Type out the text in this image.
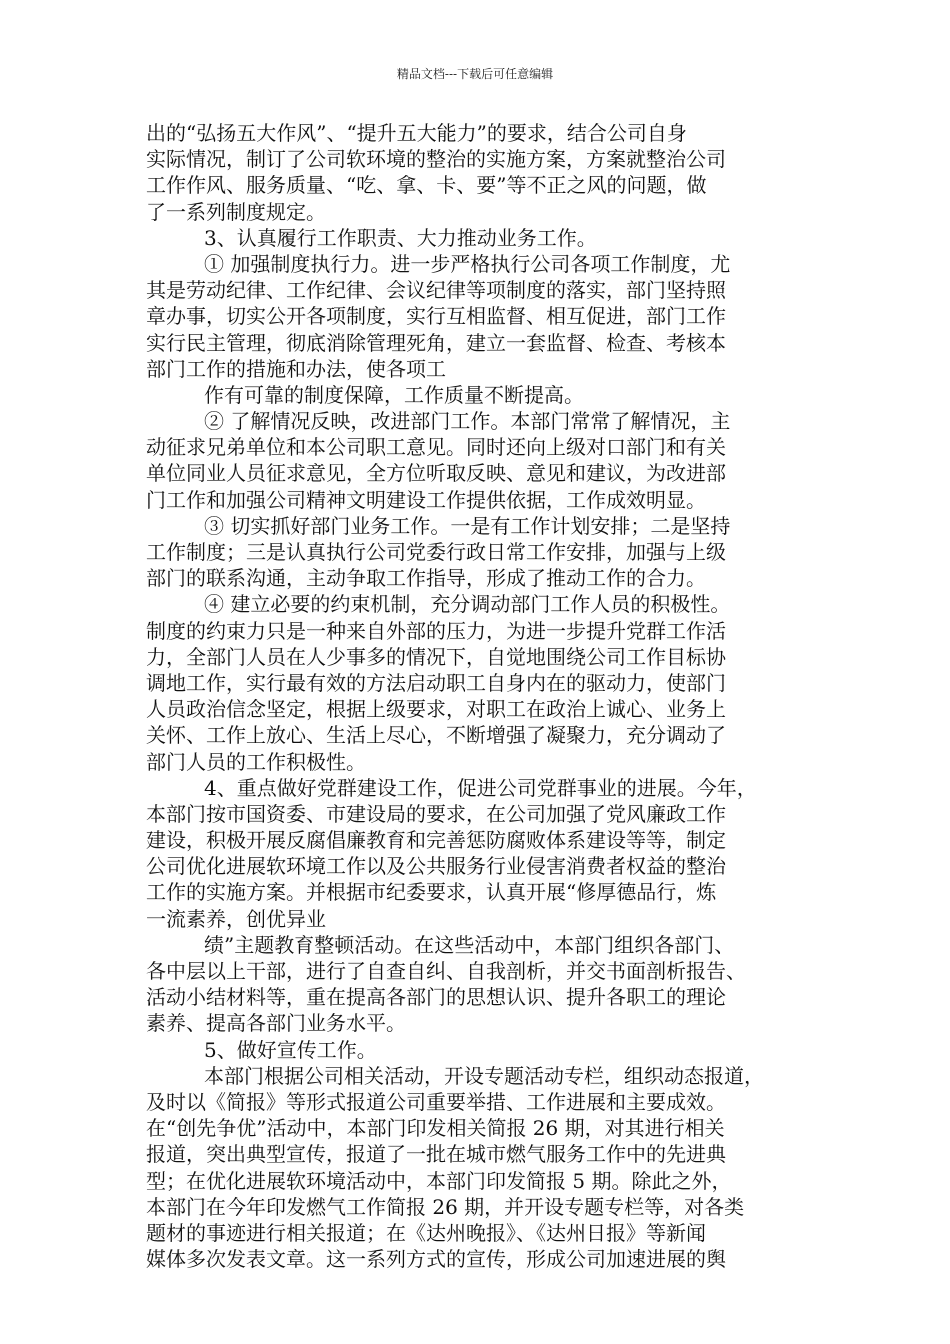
精品文档---下载后可任意编辑
出的“弘扬五大作风”、“提升五大能力”的要求，结合公司自身
实际情况，制订了公司软环境的整治的实施方案，方案就整治公司
工作作风、服务质量、“吃、拿、卡、要”等不正之风的问题，做
了一系列制度规定。
3、认真履行工作职责、大力推动业务工作。
① 加强制度执行力。进一步严格执行公司各项工作制度，尤
其是劳动纪律、工作纪律、会议纪律等项制度的落实，部门坚持照
章办事，切实公开各项制度，实行互相监督、相互促进，部门工作
实行民主管理，彻底消除管理死角，建立一套监督、检查、考核本
部门工作的措施和办法，使各项工
作有可靠的制度保障，工作质量不断提高。
② 了解情况反映，改进部门工作。本部门常常了解情况，主
动征求兄弟单位和本公司职工意见。同时还向上级对口部门和有关
单位同业人员征求意见，全方位听取反映、意见和建议，为改进部
门工作和加强公司精神文明建设工作提供依据，工作成效明显。
③ 切实抓好部门业务工作。一是有工作计划安排；二是坚持
工作制度；三是认真执行公司党委行政日常工作安排，加强与上级
部门的联系沟通，主动争取工作指导，形成了推动工作的合力。
④ 建立必要的约束机制，充分调动部门工作人员的积极性。
制度的约束力只是一种来自外部的压力，为进一步提升党群工作活
力，全部门人员在人少事多的情况下，自觉地围绕公司工作目标协
调地工作，实行最有效的方法启动职工自身内在的驱动力，使部门
人员政治信念坚定，根据上级要求，对职工在政治上诚心、业务上
关怀、工作上放心、生活上尽心，不断增强了凝聚力，充分调动了
部门人员的工作积极性。
4、重点做好党群建设工作，促进公司党群事业的进展。今年，
本部门按市国资委、市建设局的要求，在公司加强了党风廉政工作
建设，积极开展反腐倡廉教育和完善惩防腐败体系建设等等，制定
公司优化进展软环境工作以及公共服务行业侵害消费者权益的整治
工作的实施方案。并根据市纪委要求，认真开展“修厚德品行，炼
一流素养，创优异业
绩”主题教育整顿活动。在这些活动中，本部门组织各部门、
各中层以上干部，进行了自查自纠、自我剖析，并交书面剖析报告、
活动小结材料等，重在提高各部门的思想认识、提升各职工的理论
素养、提高各部门业务水平。
5、做好宣传工作。
本部门根据公司相关活动，开设专题活动专栏，组织动态报道，
及时以《简报》等形式报道公司重要举措、工作进展和主要成效。
在“创先争优”活动中，本部门印发相关简报 26 期，对其进行相关
报道，突出典型宣传，报道了一批在城市燃气服务工作中的先进典
型；在优化进展软环境活动中，本部门印发简报 5 期。除此之外，
本部门在今年印发燃气工作简报 26 期，并开设专题专栏等，对各类
题材的事迹进行相关报道；在《达州晚报》、《达州日报》等新闻
媒体多次发表文章。这一系列方式的宣传，形成公司加速进展的舆
